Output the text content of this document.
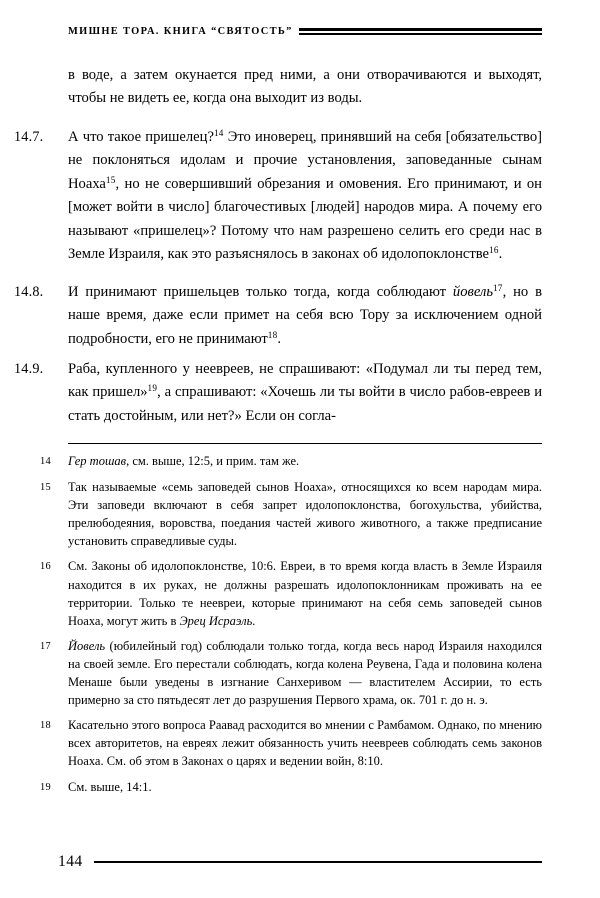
МИШНЕ ТОРА. КНИГА “СВЯТОСТЬ”

в воде, а затем окунается пред ними, а они отворачиваются и выходят, чтобы не видеть ее, когда она выходит из воды.

14.7.	А что такое пришелец?$^{14}$ Это иноверец, принявший на себя [обязательство] не поклоняться идолам и прочие установления, заповеданные сынам Ноаха$^{15}$, но не совершивший обрезания и омовения. Его принимают, и он [может войти в число] благочестивых [людей] народов мира. А почему его называют «пришелец»? Потому что нам разрешено селить его среди нас в Земле Израиля, как это разъяснялось в законах об идолопоклонстве$^{16}$.
14.8.	И принимают пришельцев только тогда, когда соблюдают йовель$^{17}$, но в наше время, даже если примет на себя всю Тору за исключением одной подробности, его не принимают$^{18}$.
14.9.	Раба, купленного у неевреев, не спрашивают: «Подумал ли ты перед тем, как пришел»$^{19}$, а спрашивают: «Хочешь ли ты войти в число рабов-евреев и стать достойным, или нет?» Если он согла-
14	Гер тошав, см. выше, 12:5, и прим. там же.
15	Так называемые «семь заповедей сынов Ноаха», относящихся ко всем народам мира. Эти заповеди включают в себя запрет идолопоклонства, богохульства, убийства, прелюбодеяния, воровства, поедания частей живого животного, а также предписание установить справедливые суды.
16	См. Законы об идолопоклонстве, 10:6. Евреи, в то время когда власть в Земле Израиля находится в их руках, не должны разрешать идолопоклонникам проживать на ее территории. Только те неевреи, которые принимают на себя семь заповедей сынов Ноаха, могут жить в Эрец Исраэль.
17	Йовель (юбилейный год) соблюдали только тогда, когда весь народ Израиля находился на своей земле. Его перестали соблюдать, когда колена Реувена, Гада и половина колена Менаше были уведены в изгнание Санхеривом — властителем Ассирии, то есть примерно за сто пятьдесят лет до разрушения Первого храма, ок. 701 г. до н. э.
18	Касательно этого вопроса Раавад расходится во мнении с Рамбамом. Однако, по мнению всех авторитетов, на евреях лежит обязанность учить неевреев соблюдать семь законов Ноаха. См. об этом в Законах о царях и ведении войн, 8:10.
19	См. выше, 14:1.
144
